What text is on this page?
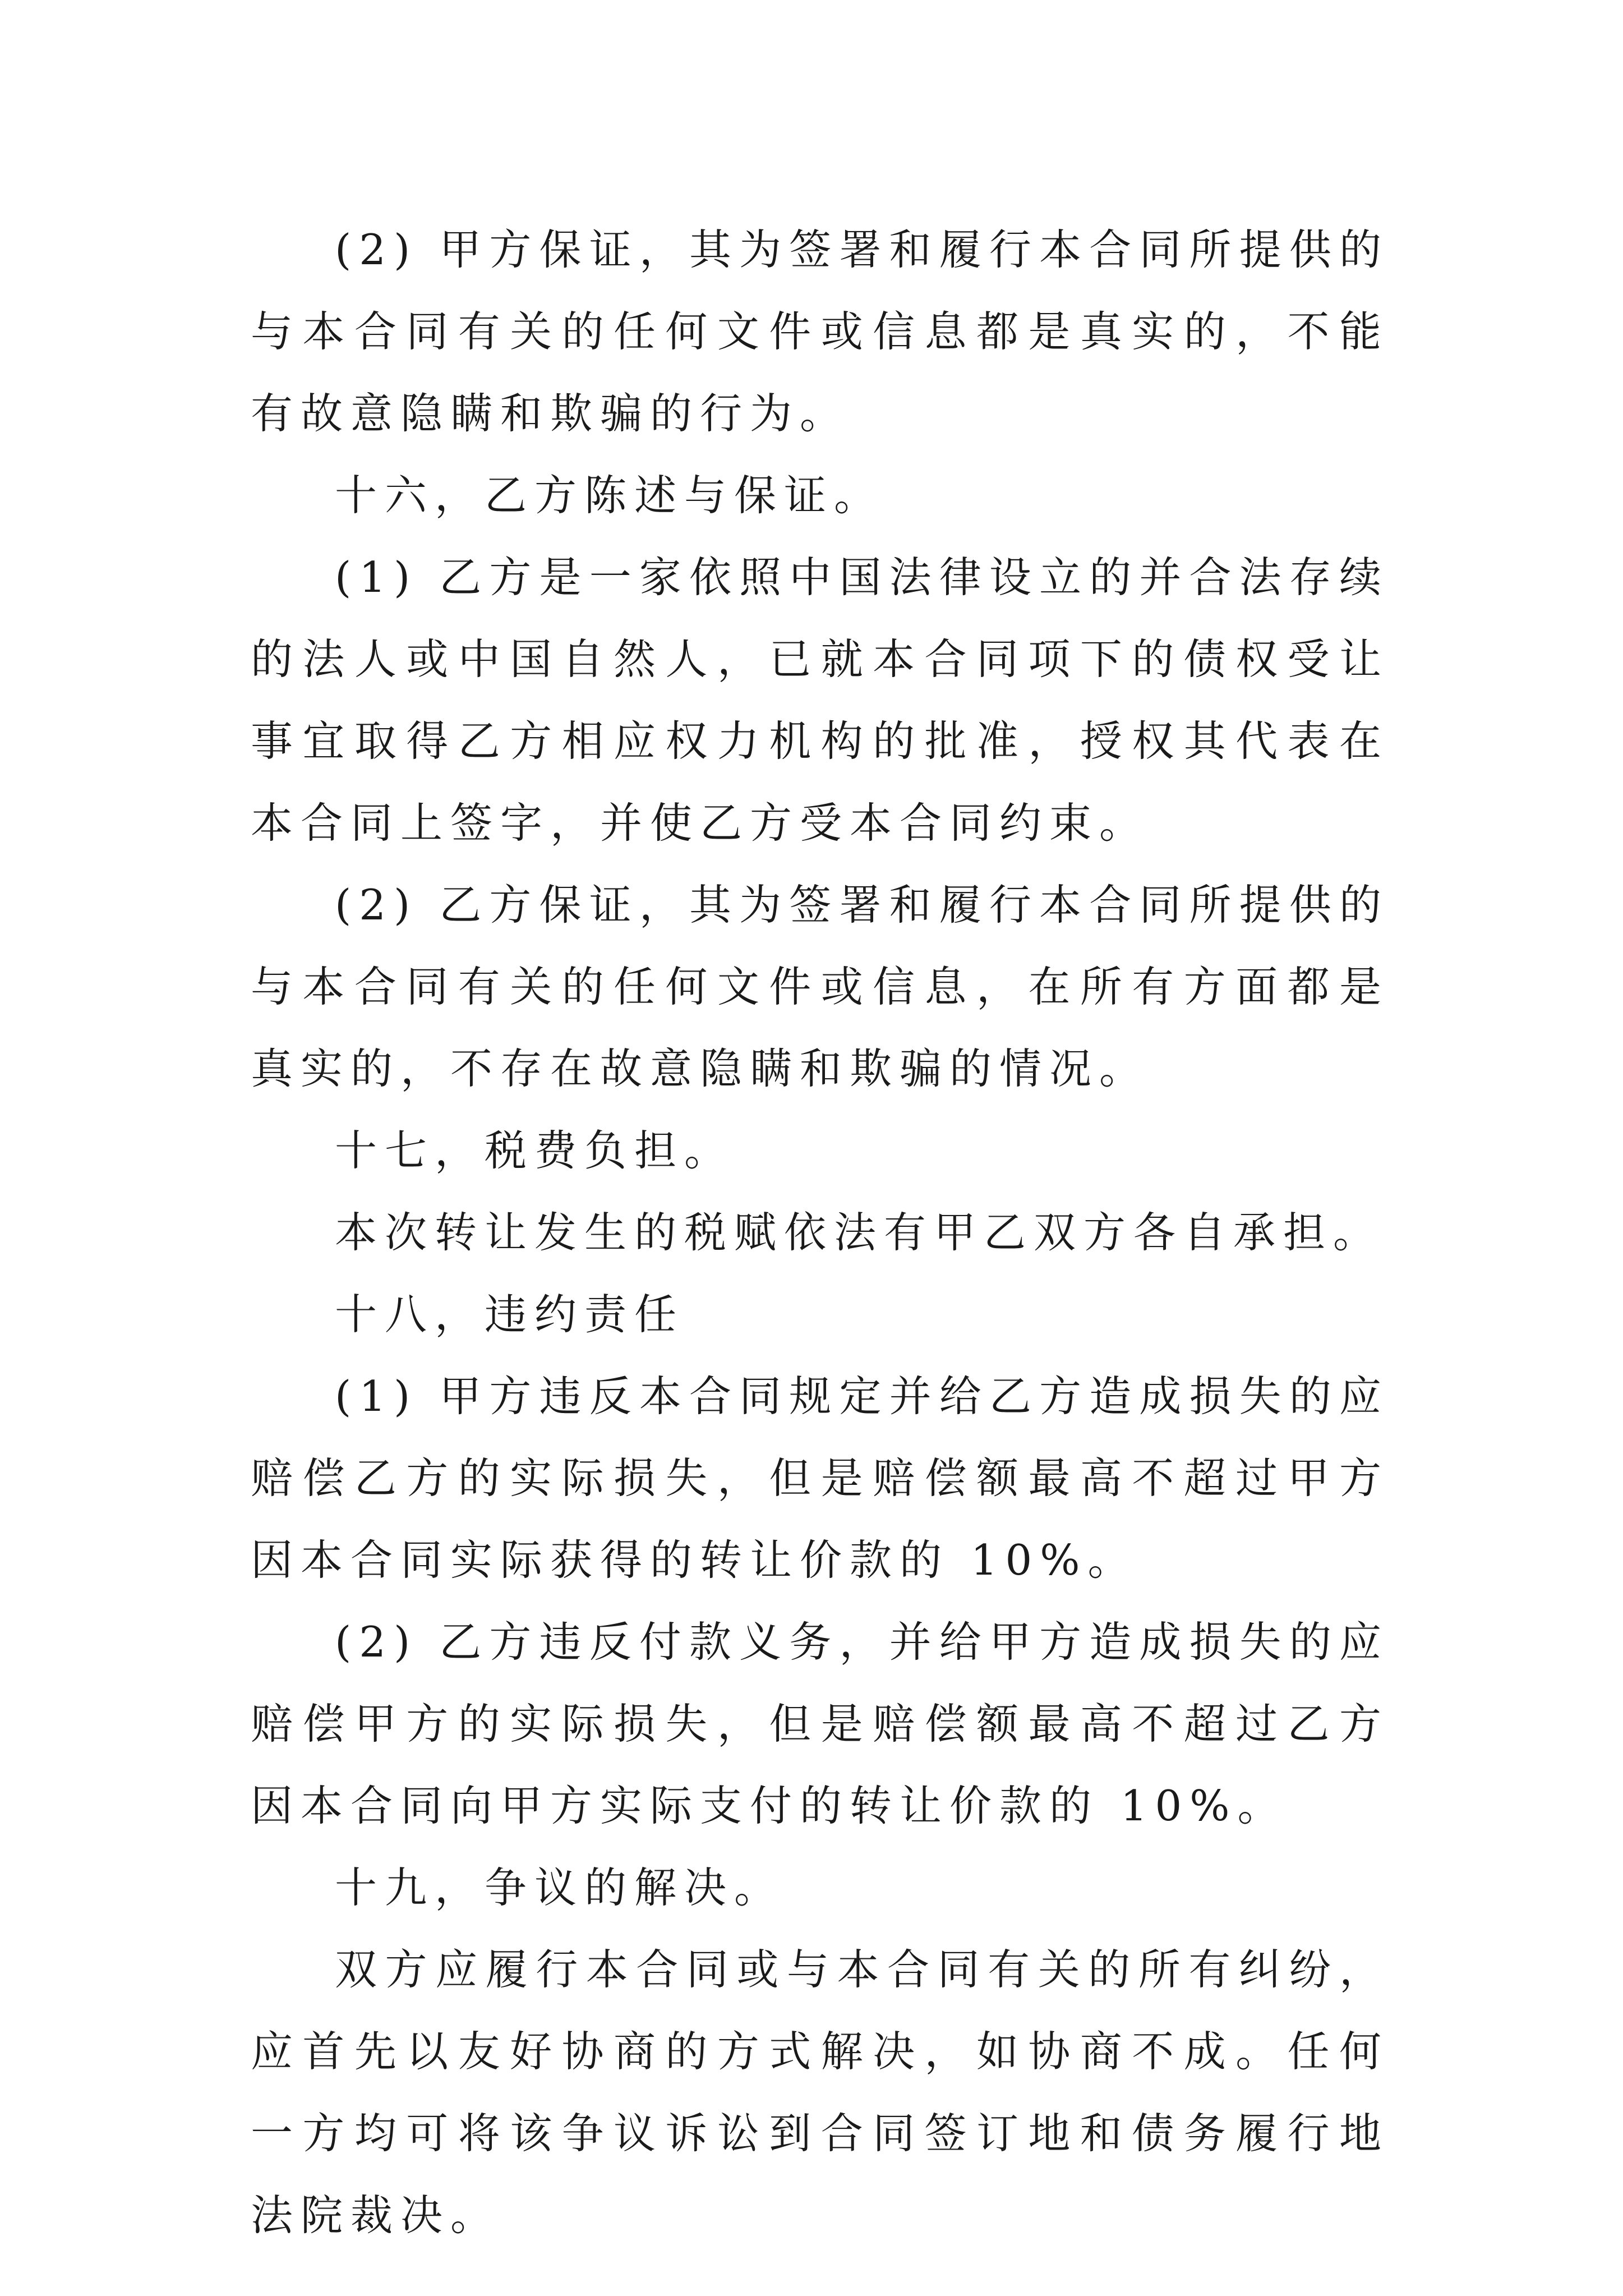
(2) 甲方保证，其为签署和履行本合同所提供的与本合同有关的任何文件或信息都是真实的，不能有故意隐瞒和欺骗的行为。

十六，乙方陈述与保证。

(1) 乙方是一家依照中国法律设立的并合法存续的法人或中国自然人，已就本合同项下的债权受让事宜取得乙方相应权力机构的批准，授权其代表在本合同上签字，并使乙方受本合同约束。

(2) 乙方保证，其为签署和履行本合同所提供的与本合同有关的任何文件或信息，在所有方面都是真实的，不存在故意隐瞒和欺骗的情况。

十七，税费负担。

本次转让发生的税赋依法有甲乙双方各自承担。

十八，违约责任

(1) 甲方违反本合同规定并给乙方造成损失的应赔偿乙方的实际损失，但是赔偿额最高不超过甲方因本合同实际获得的转让价款的 10%。

(2) 乙方违反付款义务，并给甲方造成损失的应赔偿甲方的实际损失，但是赔偿额最高不超过乙方因本合同向甲方实际支付的转让价款的 10%。

十九，争议的解决。

双方应履行本合同或与本合同有关的所有纠纷，应首先以友好协商的方式解决，如协商不成。任何一方均可将该争议诉讼到合同签订地和债务履行地法院裁决。
